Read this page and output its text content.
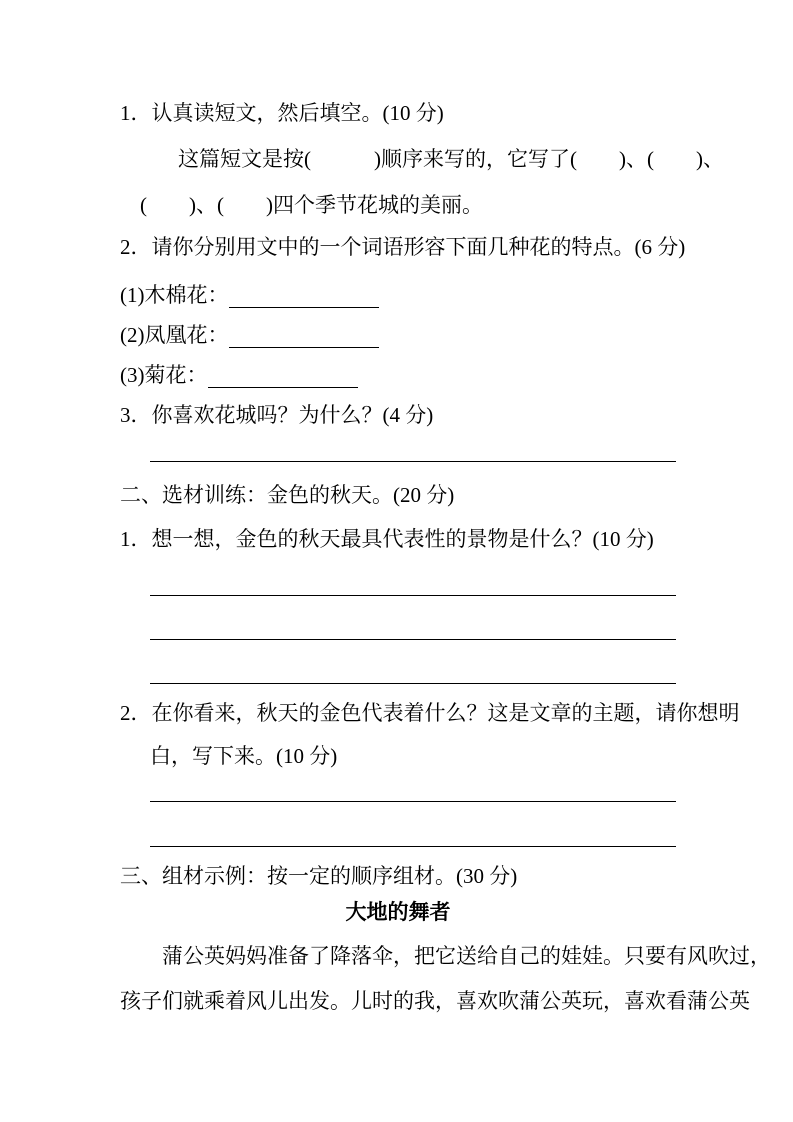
1．认真读短文，然后填空。(10 分)
这篇短文是按(　　　)顺序来写的，它写了(　　)、(　　)、
(　　)、(　　)四个季节花城的美丽。
2．请你分别用文中的一个词语形容下面几种花的特点。(6 分)
(1)木棉花：
(2)凤凰花：
(3)菊花：
3．你喜欢花城吗？为什么？(4 分)
二、选材训练：金色的秋天。(20 分)
1．想一想，金色的秋天最具代表性的景物是什么？(10 分)
2．在你看来，秋天的金色代表着什么？这是文章的主题，请你想明
白，写下来。(10 分)
三、组材示例：按一定的顺序组材。(30 分)
大地的舞者
蒲公英妈妈准备了降落伞，把它送给自己的娃娃。只要有风吹过，
孩子们就乘着风儿出发。儿时的我，喜欢吹蒲公英玩，喜欢看蒲公英
